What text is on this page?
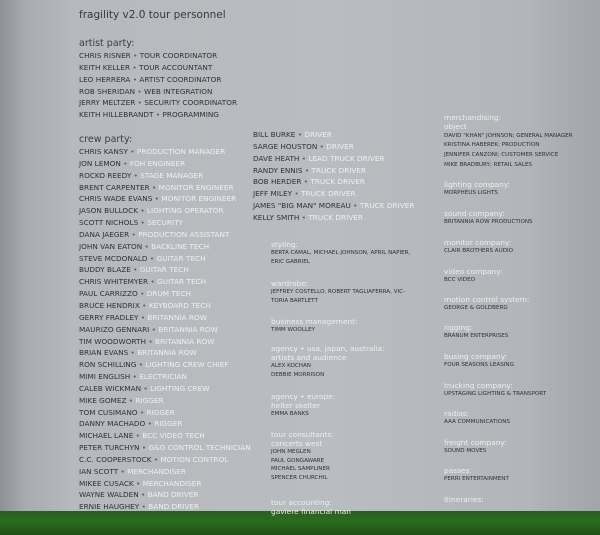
fragility v2.0 tour personnel
artist party:
CHRIS RISNER • TOUR COORDINATOR
KEITH KELLER • TOUR ACCOUNTANT
LEO HERRERA • ARTIST COORDINATOR
ROB SHERIDAN • WEB INTEGRATION
JERRY MELTZER • SECURITY COORDINATOR
KEITH HILLEBRANDT • PROGRAMMING
crew party:
CHRIS KANSY • PRODUCTION MANAGER
JON LEMON • FOH ENGINEER
ROCKO REEDY • STAGE MANAGER
BRENT CARPENTER • MONITOR ENGINEER
CHRIS WADE EVANS • MONITOR ENGINEER
JASON BULLOCK • LIGHTING OPERATOR
SCOTT NICHOLS • SECURITY
DANA JAEGER • PRODUCTION ASSISTANT
JOHN VAN EATON • BACKLINE TECH
STEVE MCDONALD • GUITAR TECH
BUDDY BLAZE • GUITAR TECH
CHRIS WHITEMYER • GUITAR TECH
PAUL CARRIZZO • DRUM TECH
BRUCE HENDRIX • KEYBOARD TECH
GERRY FRADLEY • BRITANNIA ROW
MAURIZO GENNARI • BRITANNIA ROW
TIM WOODWORTH • BRITANNIA ROW
BRIAN EVANS • BRITANNIA ROW
RON SCHILLING • LIGHTING CREW CHIEF
MIMI ENGLISH • ELECTRICIAN
CALEB WICKMAN • LIGHTING CREW
MIKE GOMEZ • RIGGER
TOM CUSIMANO • RIGGER
DANNY MACHADO • RIGGER
MICHAEL LANE • BCC VIDEO TECH
PETER TURCHYN • G&G CONTROL TECHNICIAN
C.C. COOPERSTOCK • MOTION CONTROL
IAN SCOTT • MERCHANDISER
MIKEE CUSACK • MERCHANDISER
WAYNE WALDEN • BAND DRIVER
ERNIE HAUGHEY • BAND DRIVER
BILL BURKE • DRIVER
SARGE HOUSTON • DRIVER
DAVE HEATH • LEAD TRUCK DRIVER
RANDY ENNIS • TRUCK DRIVER
BOB HERDER • TRUCK DRIVER
JEFF MILEY • TRUCK DRIVER
JAMES "BIG MAN" MOREAU • TRUCK DRIVER
KELLY SMITH • TRUCK DRIVER
styling:
BERTA CAMAL, MICHAEL JOHNSON, APRIL NAPIER,
ERIC GABRIEL
wardrobe:
JEFFREY COSTELLO, ROBERT TAGLIAFERRA, VIC-
TORIA BARTLETT
business management:
TIMM WOOLLEY
agency • usa, japan, australia:
artists and audience
ALEX KOCHAN
DEBBIE MORRISON
agency • europe:
helter skelter
EMMA BANKS
tour consultants:
concerts west
JOHN MEGLEN
PAUL GONGAWARE
MICHAEL SAMPLINER
SPENCER CHURCHIL
tour accounting:
gaviere financial man
merchandising:
object
DAVID "KHAN" JOHNSON; GENERAL MANAGER
KRISTINA HABEREK; PRODUCTION
JENNIFER CANZONI; CUSTOMER SERVICE
MIKE BRADBURY; RETAIL SALES
lighting company:
MORPHEUS LIGHTS
sound company:
BRITANNIA ROW PRODUCTIONS
monitor company:
CLAIR BROTHERS AUDIO
video company:
BCC VIDEO
motion control system:
GEORGE & GOLDBERG
rigging:
BRANUM ENTERPRISES
busing company:
FOUR SEASONS LEASING
trucking company:
UPSTAGING LIGHTING & TRANSPORT
radios:
AAA COMMUNICATIONS
freight company:
SOUND MOVES
passes:
PERRI ENTERTAINMENT
itineraries:
